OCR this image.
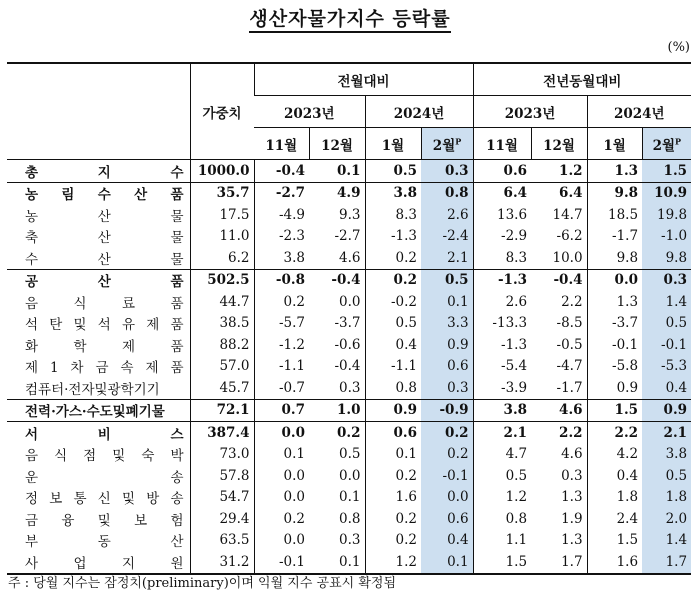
생산자물가지수 등락률
(%)
	가중치	전월대비				전년동월대비			
		2023년		2024년		2023년		2024년	
		11월	12월	1월	2월$^P$	11월	12월	1월	2월$^P$
총 지 수	1000.0	-0.4	0.1	0.5	0.3	0.6	1.2	1.3	1.5
농 림 수 산 품	35.7	-2.7	4.9	3.8	0.8	6.4	6.4	9.8	10.9
농 산 물	17.5	-4.9	9.3	8.3	2.6	13.6	14.7	18.5	19.8
축 산 물	11.0	-2.3	-2.7	-1.3	-2.4	-2.9	-6.2	-1.7	-1.0
수 산 물	6.2	3.8	4.6	0.2	2.1	8.3	10.0	9.8	9.8
공 산 품	502.5	-0.8	-0.4	0.2	0.5	-1.3	-0.4	0.0	0.3
음 식 료 품	44.7	0.2	0.0	-0.2	0.1	2.6	2.2	1.3	1.4
석 탄 및 석 유 제 품	38.5	-5.7	-3.7	0.5	3.3	-13.3	-8.5	-3.7	0.5
화 학 제 품	88.2	-1.2	-0.6	0.4	0.9	-1.3	-0.5	-0.1	-0.1
제 1 차 금 속 제 품	57.0	-1.1	-0.4	-1.1	0.6	-5.4	-4.7	-5.8	-5.3
컴퓨터·전자및광학기기	45.7	-0.7	0.3	0.8	0.3	-3.9	-1.7	0.9	0.4
전력·가스·수도및폐기물	72.1	0.7	1.0	0.9	-0.9	3.8	4.6	1.5	0.9
서 비 스	387.4	0.0	0.2	0.6	0.2	2.1	2.2	2.2	2.1
음 식 점 및 숙 박	73.0	0.1	0.5	0.1	0.2	4.7	4.6	4.2	3.8
운 송	57.8	0.0	0.0	0.2	-0.1	0.5	0.3	0.4	0.5
정 보 통 신 및 방 송	54.7	0.0	0.1	1.6	0.0	1.2	1.3	1.8	1.8
금 융 및 보 험	29.4	0.2	0.8	0.2	0.6	0.8	1.9	2.4	2.0
부 동 산	63.5	0.0	0.3	0.2	0.4	1.1	1.3	1.5	1.4
사 업 지 원	31.2	-0.1	0.1	1.2	0.1	1.5	1.7	1.6	1.7
주 : 당월 지수는 잠정치(preliminary)이며 익월 지수 공표시 확정됨
